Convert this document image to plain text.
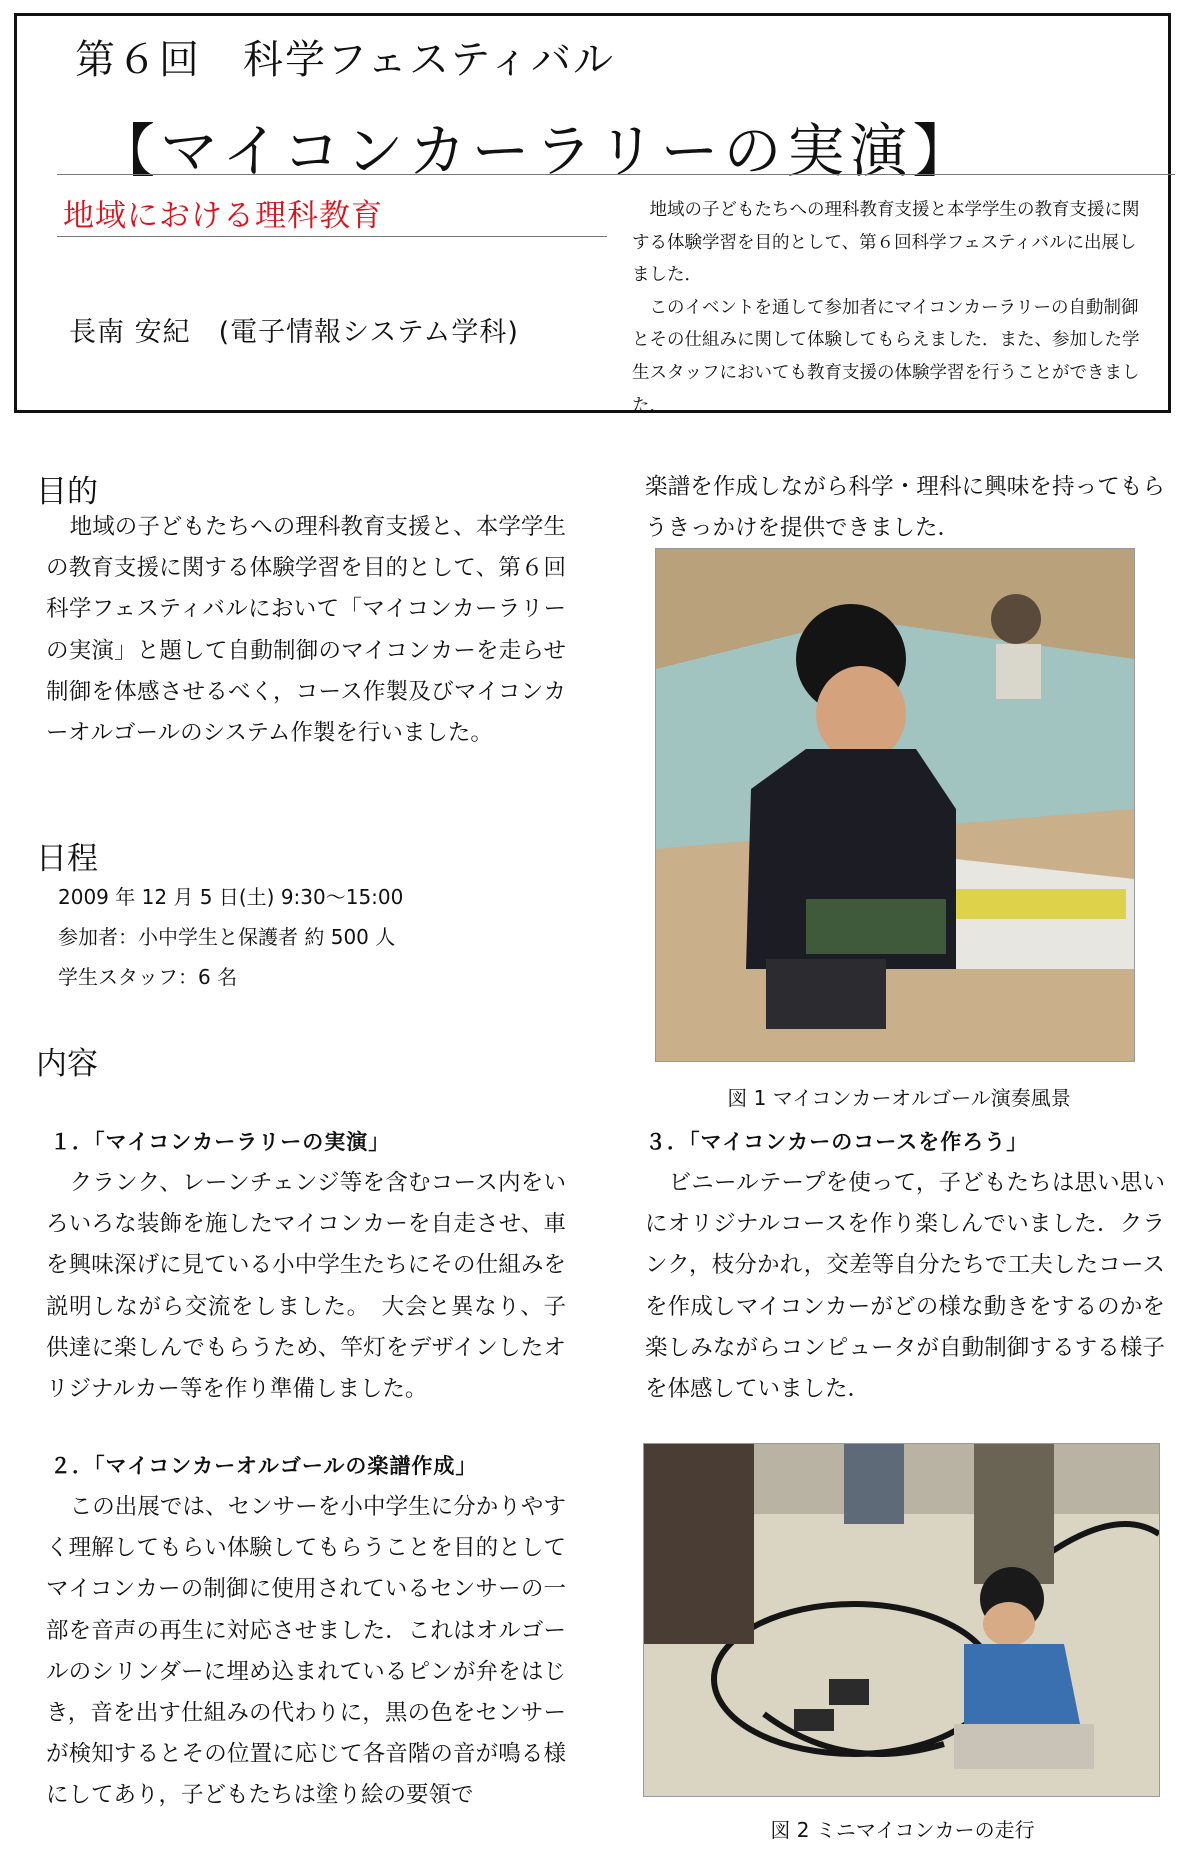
第６回　科学フェスティバル
【マイコンカーラリーの実演】
地域における理科教育
長南 安紀　(電子情報システム学科)

地域の子どもたちへの理科教育支援と本学学生の教育支援に関する体験学習を目的として、第６回科学フェスティバルに出展しました．

このイベントを通して参加者にマイコンカーラリーの自動制御とその仕組みに関して体験してもらえました．また、参加した学生スタッフにおいても教育支援の体験学習を行うことができました．

目的

地域の子どもたちへの理科教育支援と、本学学生の教育支援に関する体験学習を目的として、第６回科学フェスティバルにおいて「マイコンカーラリーの実演」と題して自動制御のマイコンカーを走らせ制御を体感させるべく，コース作製及びマイコンカーオルゴールのシステム作製を行いました。

日程

2009 年 12 月 5 日(土) 9:30〜15:00

参加者：小中学生と保護者 約 500 人

学生スタッフ：6 名

内容
１．「マイコンカーラリーの実演」

クランク、レーンチェンジ等を含むコース内をいろいろな装飾を施したマイコンカーを自走させ、車を興味深げに見ている小中学生たちにその仕組みを説明しながら交流をしました。　大会と異なり、子供達に楽しんでもらうため、竿灯をデザインしたオリジナルカー等を作り準備しました。

２．「マイコンカーオルゴールの楽譜作成」

この出展では、センサーを小中学生に分かりやすく理解してもらい体験してもらうことを目的としてマイコンカーの制御に使用されているセンサーの一部を音声の再生に対応させました．これはオルゴールのシリンダーに埋め込まれているピンが弁をはじき，音を出す仕組みの代わりに，黒の色をセンサーが検知するとその位置に応じて各音階の音が鳴る様にしてあり，子どもたちは塗り絵の要領で

楽譜を作成しながら科学・理科に興味を持ってもらうきっかけを提供できました．

図 1 マイコンカーオルゴール演奏風景
３．「マイコンカーのコースを作ろう」

ビニールテープを使って，子どもたちは思い思いにオリジナルコースを作り楽しんでいました．クランク，枝分かれ，交差等自分たちで工夫したコースを作成しマイコンカーがどの様な動きをするのかを楽しみながらコンピュータが自動制御するする様子を体感していました．

図 2 ミニマイコンカーの走行
